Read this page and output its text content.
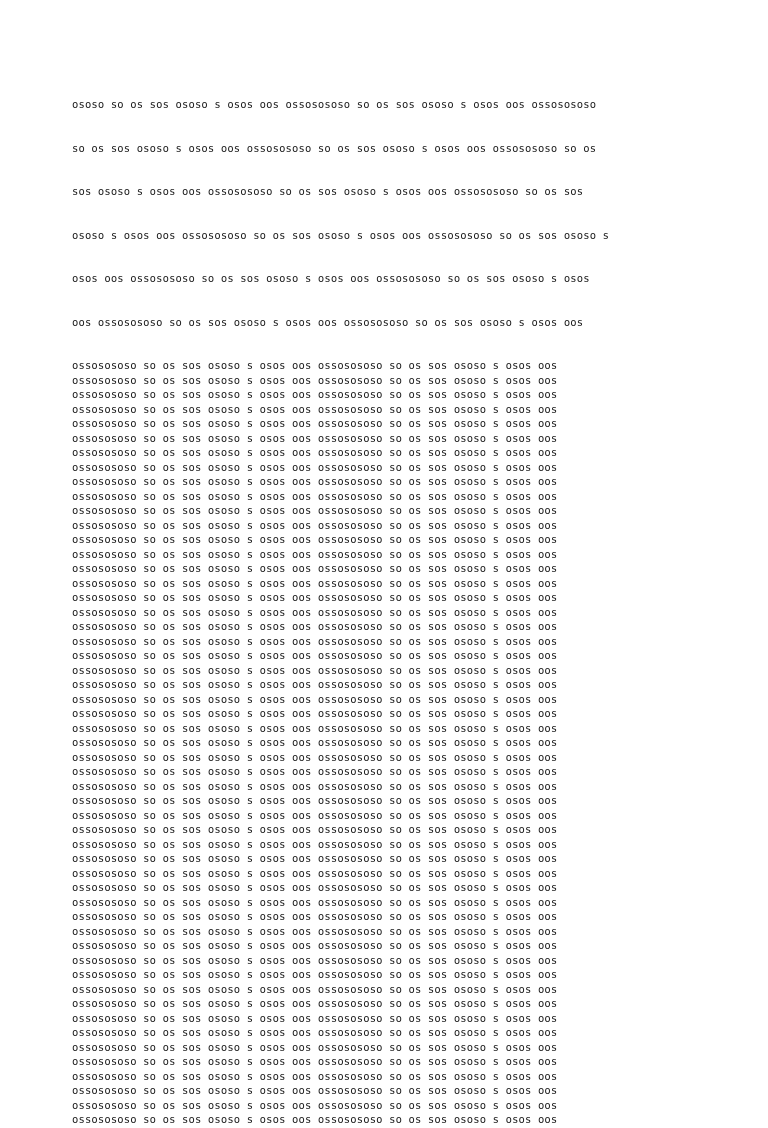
ososo so os sos ososo s osos oos ossosososo so os sos ososo s osos oos ossosososo

so os sos ososo s osos oos ossosososo so os sos ososo s osos oos ossosososo so os

sos ososo s osos oos ossosososo so os sos ososo s osos oos ossosososo so os sos

ososo s osos oos ossosososo so os sos ososo s osos oos ossosososo so os sos ososo s

osos oos ossosososo so os sos ososo s osos oos ossosososo so os sos ososo s osos

oos ossosososo so os sos ososo s osos oos ossosososo so os sos ososo s osos oos

ossosososo so os sos ososo s osos oos ossosososo so os sos ososo s osos oos
ossosososo so os sos ososo s osos oos ossosososo so os sos ososo s osos oos
ossosososo so os sos ososo s osos oos ossosososo so os sos ososo s osos oos
ossosososo so os sos ososo s osos oos ossosososo so os sos ososo s osos oos
ossosososo so os sos ososo s osos oos ossosososo so os sos ososo s osos oos
ossosososo so os sos ososo s osos oos ossosososo so os sos ososo s osos oos
ossosososo so os sos ososo s osos oos ossosososo so os sos ososo s osos oos
ossosososo so os sos ososo s osos oos ossosososo so os sos ososo s osos oos
ossosososo so os sos ososo s osos oos ossosososo so os sos ososo s osos oos
ossosososo so os sos ososo s osos oos ossosososo so os sos ososo s osos oos
ossosososo so os sos ososo s osos oos ossosososo so os sos ososo s osos oos
ossosososo so os sos ososo s osos oos ossosososo so os sos ososo s osos oos
ossosososo so os sos ososo s osos oos ossosososo so os sos ososo s osos oos
ossosososo so os sos ososo s osos oos ossosososo so os sos ososo s osos oos
ossosososo so os sos ososo s osos oos ossosososo so os sos ososo s osos oos
ossosososo so os sos ososo s osos oos ossosososo so os sos ososo s osos oos
ossosososo so os sos ososo s osos oos ossosososo so os sos ososo s osos oos
ossosososo so os sos ososo s osos oos ossosososo so os sos ososo s osos oos
ossosososo so os sos ososo s osos oos ossosososo so os sos ososo s osos oos
ossosososo so os sos ososo s osos oos ossosososo so os sos ososo s osos oos
ossosososo so os sos ososo s osos oos ossosososo so os sos ososo s osos oos
ossosososo so os sos ososo s osos oos ossosososo so os sos ososo s osos oos
ossosososo so os sos ososo s osos oos ossosososo so os sos ososo s osos oos
ossosososo so os sos ososo s osos oos ossosososo so os sos ososo s osos oos
ossosososo so os sos ososo s osos oos ossosososo so os sos ososo s osos oos
ossosososo so os sos ososo s osos oos ossosososo so os sos ososo s osos oos
ossosososo so os sos ososo s osos oos ossosososo so os sos ososo s osos oos
ossosososo so os sos ososo s osos oos ossosososo so os sos ososo s osos oos
ossosososo so os sos ososo s osos oos ossosososo so os sos ososo s osos oos
ossosososo so os sos ososo s osos oos ossosososo so os sos ososo s osos oos
ossosososo so os sos ososo s osos oos ossosososo so os sos ososo s osos oos
ossosososo so os sos ososo s osos oos ossosososo so os sos ososo s osos oos
ossosososo so os sos ososo s osos oos ossosososo so os sos ososo s osos oos
ossosososo so os sos ososo s osos oos ossosososo so os sos ososo s osos oos
ossosososo so os sos ososo s osos oos ossosososo so os sos ososo s osos oos
ossosososo so os sos ososo s osos oos ossosososo so os sos ososo s osos oos
ossosososo so os sos ososo s osos oos ossosososo so os sos ososo s osos oos
ossosososo so os sos ososo s osos oos ossosososo so os sos ososo s osos oos
ossosososo so os sos ososo s osos oos ossosososo so os sos ososo s osos oos
ossosososo so os sos ososo s osos oos ossosososo so os sos ososo s osos oos
ossosososo so os sos ososo s osos oos ossosososo so os sos ososo s osos oos
ossosososo so os sos ososo s osos oos ossosososo so os sos ososo s osos oos
ossosososo so os sos ososo s osos oos ossosososo so os sos ososo s osos oos
ossosososo so os sos ososo s osos oos ossosososo so os sos ososo s osos oos
ossosososo so os sos ososo s osos oos ossosososo so os sos ososo s osos oos
ossosososo so os sos ososo s osos oos ossosososo so os sos ososo s osos oos
ossosososo so os sos ososo s osos oos ossosososo so os sos ososo s osos oos
ossosososo so os sos ososo s osos oos ossosososo so os sos ososo s osos oos
ossosososo so os sos ososo s osos oos ossosososo so os sos ososo s osos oos
ossosososo so os sos ososo s osos oos ossosososo so os sos ososo s osos oos
ossosososo so os sos ososo s osos oos ossosososo so os sos ososo s osos oos
ossosososo so os sos ososo s osos oos ossosososo so os sos ososo s osos oos
ossosososo so os sos ososo s osos oos ossosososo so os sos ososo s osos oos
